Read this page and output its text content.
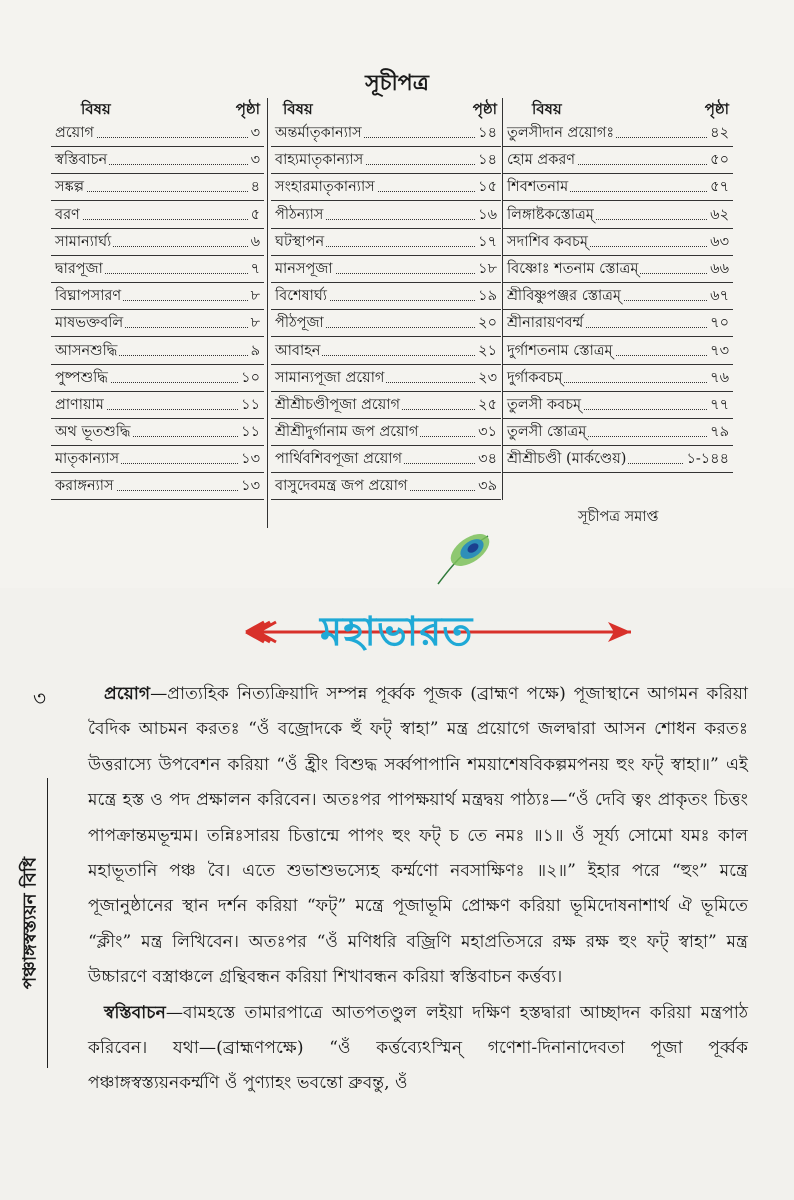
সূচীপত্র
বিষয়	পৃষ্ঠা
প্রয়োগ	৩
স্বস্তিবাচন	৩
সঙ্কল্প	৪
বরণ	৫
সামান্যার্ঘ্য	৬
দ্বারপূজা	৭
বিঘ্নাপসারণ	৮
মাষভক্তবলি	৮
আসনশুদ্ধি	৯
পুষ্পশুদ্ধি	১০
প্রাণায়াম	১১
অথ ভূতশুদ্ধি	১১
মাতৃকান্যাস	১৩
করাঙ্গন্যাস	১৩
বিষয়	পৃষ্ঠা
অন্তর্মাতৃকান্যাস	১৪
বাহ্যমাতৃকান্যাস	১৪
সংহারমাতৃকান্যাস	১৫
পীঠন্যাস	১৬
ঘটস্থাপন	১৭
মানসপূজা	১৮
বিশেষার্ঘ্য	১৯
পীঠপূজা	২০
আবাহন	২১
সামান্যপূজা প্রয়োগ	২৩
শ্রীশ্রীচণ্ডীপূজা প্রয়োগ	২৫
শ্রীশ্রীদুর্গানাম জপ প্রয়োগ	৩১
পার্থিবশিবপূজা প্রয়োগ	৩৪
বাসুদেবমন্ত্র জপ প্রয়োগ	৩৯
বিষয়	পৃষ্ঠা
তুলসীদান প্রয়োগঃ	৪২
হোম প্রকরণ	৫০
শিবশতনাম	৫৭
লিঙ্গাষ্টকস্তোত্রম্	৬২
সদাশিব কবচম্	৬৩
বিষ্ণোঃ শতনাম স্তোত্রম্	৬৬
শ্রীবিষ্ণুপঞ্জর স্তোত্রম্	৬৭
শ্রীনারায়ণবর্ম্ম	৭০
দুর্গাশতনাম স্তোত্রম্	৭৩
দুর্গাকবচম্	৭৬
তুলসী কবচম্	৭৭
তুলসী স্তোত্রম্	৭৯
শ্রীশ্রীচণ্ডী (মার্কণ্ডেয়)	১-১৪৪
সূচীপত্র সমাপ্ত
মহাভারত
৩
পঞ্চাঙ্গস্বস্ত্যয়ন বিধি

প্রয়োগ—প্রাত্যহিক নিত্যক্রিয়াদি সম্পন্ন পূর্ব্বক পূজক (ব্রাহ্মণ পক্ষে) পূজাস্থানে আগমন করিয়া বৈদিক আচমন করতঃ “ওঁ বজ্রোদকে হুঁ ফট্ স্বাহা” মন্ত্র প্রয়োগে জলদ্বারা আসন শোধন করতঃ উত্তরাস্যে উপবেশন করিয়া “ওঁ হ্রীং বিশুদ্ধ সর্ব্বপাপানি শময়াশেষবিকল্পমপনয় হুং ফট্ স্বাহা॥” এই মন্ত্রে হস্ত ও পদ প্রক্ষালন করিবেন। অতঃপর পাপক্ষয়ার্থ মন্ত্রদ্বয় পাঠ্যঃ—“ওঁ দেবি ত্বং প্রাকৃতং চিত্তং পাপক্রান্তমভূন্মম। তন্নিঃসারয় চিত্তান্মে পাপং হুং ফট্ চ তে নমঃ ॥১॥ ওঁ সূর্য্য সোমো যমঃ কাল মহাভূতানি পঞ্চ বৈ। এতে শুভাশুভস্যেহ কর্ম্মণো নবসাক্ষিণঃ ॥২॥” ইহার পরে “হুং” মন্ত্রে পূজানুষ্ঠানের স্থান দর্শন করিয়া “ফট্” মন্ত্রে পূজাভূমি প্রোক্ষণ করিয়া ভূমিদোষনাশার্থ ঐ ভূমিতে “ক্লীং” মন্ত্র লিখিবেন। অতঃপর “ওঁ মণিধরি বজ্রিণি মহাপ্রতিসরে রক্ষ রক্ষ হুং ফট্ স্বাহা” মন্ত্র উচ্চারণে বস্ত্রাঞ্চলে গ্রন্থিবন্ধন করিয়া শিখাবন্ধন করিয়া স্বস্তিবাচন কর্ত্তব্য।

স্বস্তিবাচন—বামহস্তে তামারপাত্রে আতপতণ্ডুল লইয়া দক্ষিণ হস্তদ্বারা আচ্ছাদন করিয়া মন্ত্রপাঠ করিবেন। যথা—(ব্রাহ্মণপক্ষে) “ওঁ কর্ত্তব্যেঽস্মিন্ গণেশা-দিনানাদেবতা পূজা পূর্ব্বক পঞ্চাঙ্গস্বস্ত্যয়নকর্ম্মণি ওঁ পুণ্যাহং ভবন্তো ব্রুবন্তু, ওঁ
